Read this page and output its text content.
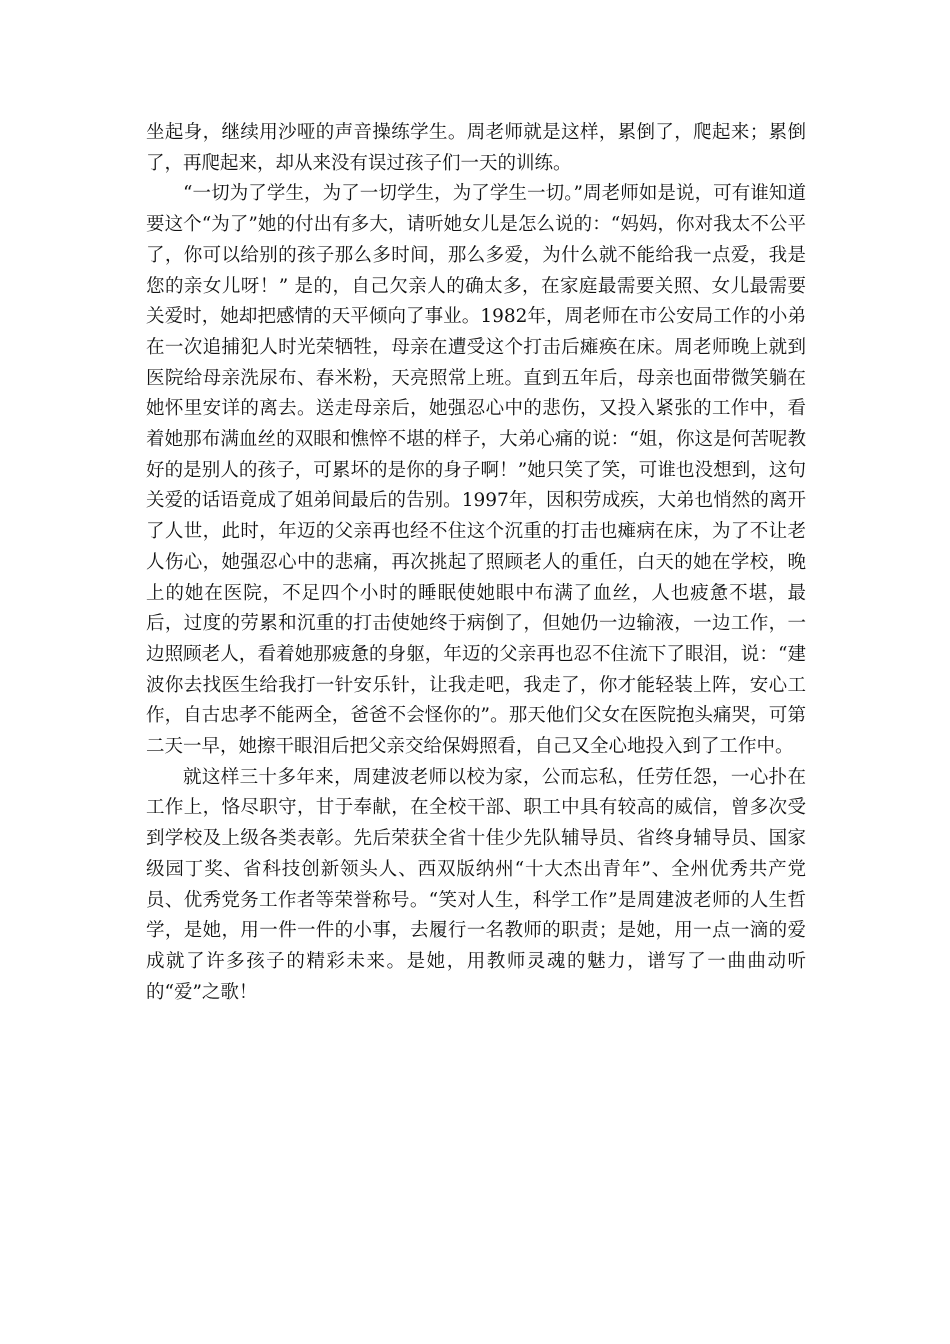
坐起身，继续用沙哑的声音操练学生。周老师就是这样，累倒了，爬起来；累倒了，再爬起来，却从来没有误过孩子们一天的训练。

“一切为了学生，为了一切学生，为了学生一切。”周老师如是说，可有谁知道要这个“为了”她的付出有多大，请听她女儿是怎么说的：“妈妈，你对我太不公平了，你可以给别的孩子那么多时间，那么多爱，为什么就不能给我一点爱，我是您的亲女儿呀！” 是的，自己欠亲人的确太多，在家庭最需要关照、女儿最需要关爱时，她却把感情的天平倾向了事业。1982年，周老师在市公安局工作的小弟在一次追捕犯人时光荣牺牲，母亲在遭受这个打击后瘫痪在床。周老师晚上就到医院给母亲洗尿布、春米粉，天亮照常上班。直到五年后，母亲也面带微笑躺在她怀里安详的离去。送走母亲后，她强忍心中的悲伤，又投入紧张的工作中，看着她那布满血丝的双眼和憔悴不堪的样子，大弟心痛的说：“姐，你这是何苦呢教好的是别人的孩子，可累坏的是你的身子啊！”她只笑了笑，可谁也没想到，这句关爱的话语竟成了姐弟间最后的告别。1997年，因积劳成疾，大弟也悄然的离开了人世，此时，年迈的父亲再也经不住这个沉重的打击也瘫病在床，为了不让老人伤心，她强忍心中的悲痛，再次挑起了照顾老人的重任，白天的她在学校，晚上的她在医院，不足四个小时的睡眠使她眼中布满了血丝，人也疲惫不堪，最后，过度的劳累和沉重的打击使她终于病倒了，但她仍一边输液，一边工作，一边照顾老人，看着她那疲惫的身躯，年迈的父亲再也忍不住流下了眼泪，说：“建波你去找医生给我打一针安乐针，让我走吧，我走了，你才能轻装上阵，安心工作，自古忠孝不能两全，爸爸不会怪你的”。那天他们父女在医院抱头痛哭，可第二天一早，她擦干眼泪后把父亲交给保姆照看，自己又全心地投入到了工作中。

就这样三十多年来，周建波老师以校为家，公而忘私，任劳任怨，一心扑在工作上，恪尽职守，甘于奉献，在全校干部、职工中具有较高的威信，曾多次受到学校及上级各类表彰。先后荣获全省十佳少先队辅导员、省终身辅导员、国家级园丁奖、省科技创新领头人、西双版纳州“十大杰出青年”、全州优秀共产党员、优秀党务工作者等荣誉称号。“笑对人生，科学工作”是周建波老师的人生哲学，是她，用一件一件的小事，去履行一名教师的职责；是她，用一点一滴的爱成就了许多孩子的精彩未来。是她，用教师灵魂的魅力，谱写了一曲曲动听的“爱”之歌！
